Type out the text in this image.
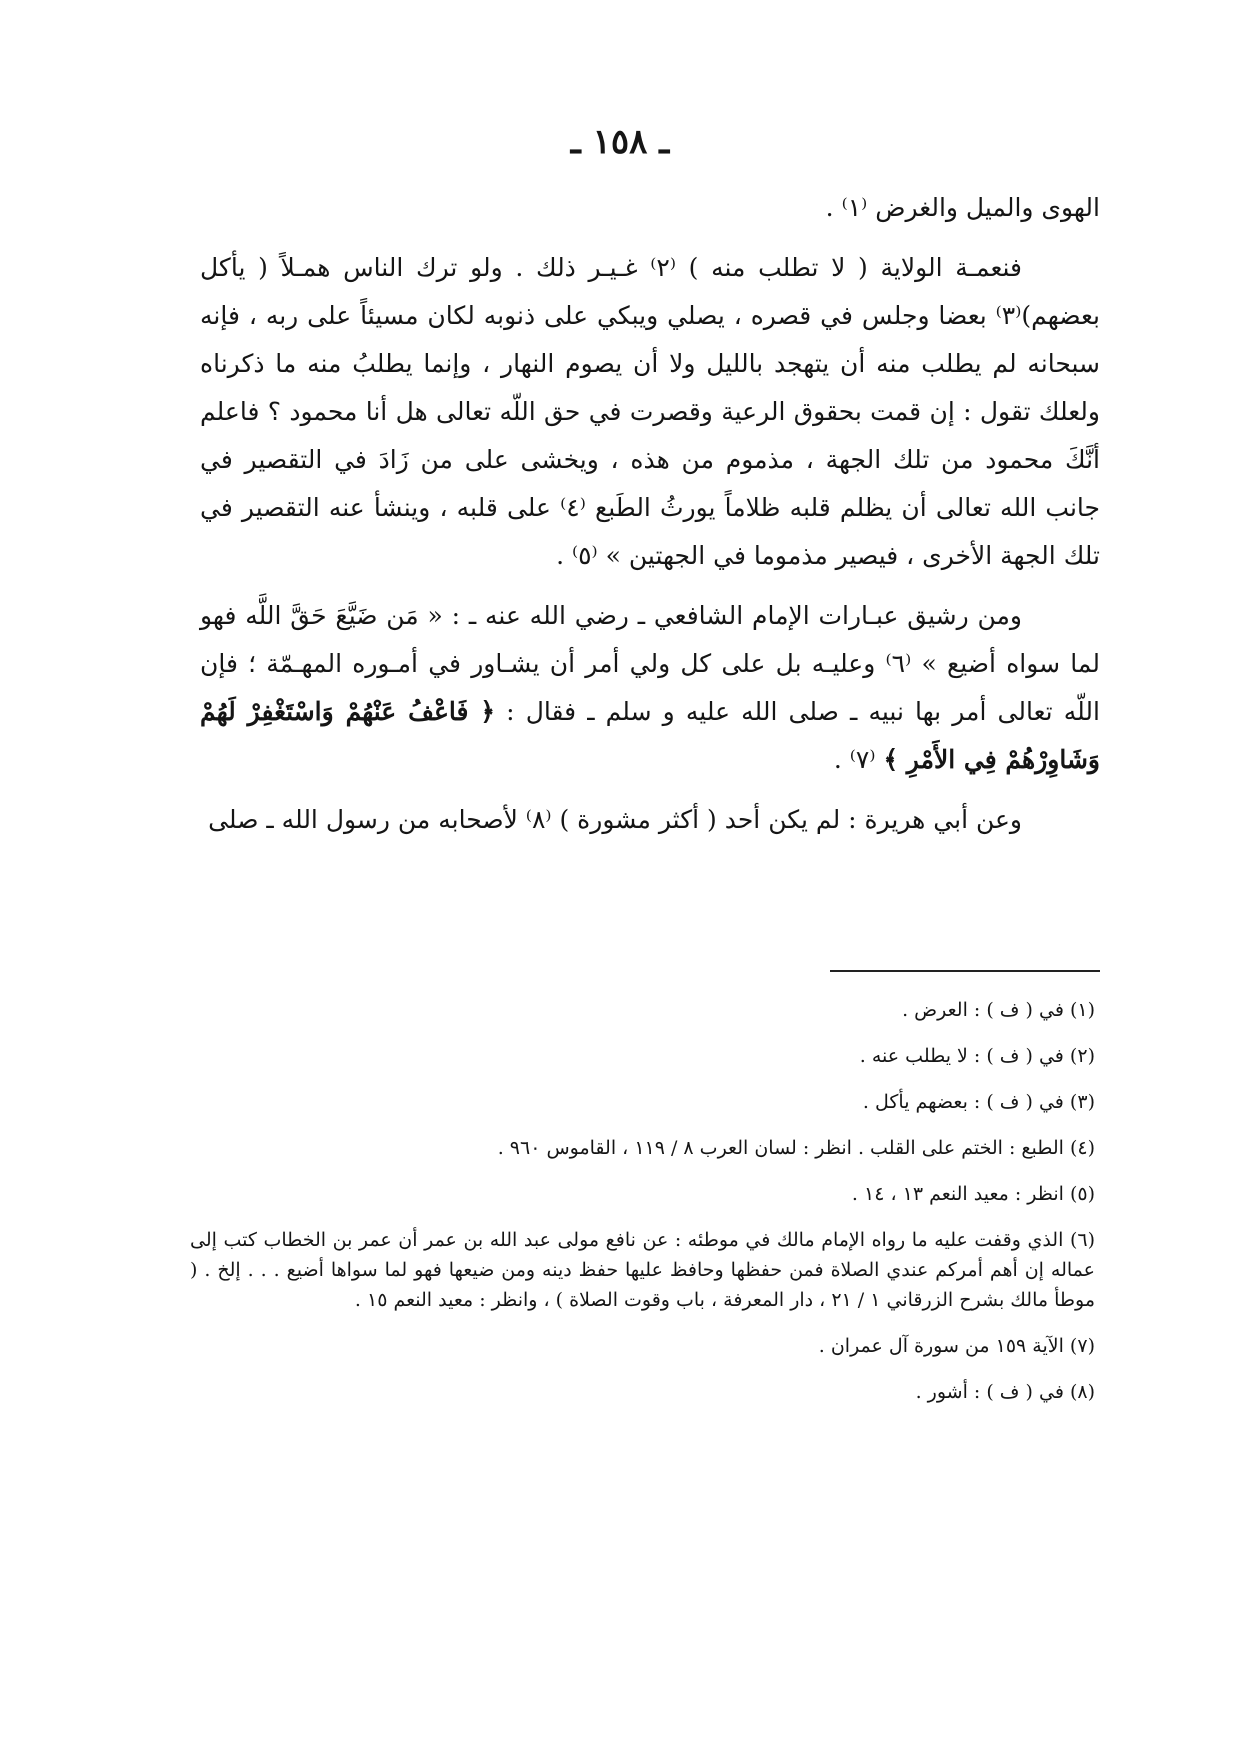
ـ ١٥٨ ـ

الهوى والميل والغرض ⁽١⁾ .

فنعمـة الولاية ( لا تطلب منه ) ⁽٢⁾ غـيـر ذلك . ولو ترك الناس همـلاً ( يأكل بعضهم)⁽٣⁾ بعضا وجلس في قصره ، يصلي ويبكي على ذنوبه لكان مسيئاً على ربه ، فإنه سبحانه لم يطلب منه أن يتهجد بالليل ولا أن يصوم النهار ، وإنما يطلبُ منه ما ذكرناه ولعلك تقول : إن قمت بحقوق الرعية وقصرت في حق اللّه تعالى هل أنا محمود ؟ فاعلم أنَّكَ محمود من تلك الجهة ، مذموم من هذه ، ويخشى على من زَادَ في التقصير في جانب الله تعالى أن يظلم قلبه ظلاماً يورثُ الطَبع ⁽٤⁾ على قلبه ، وينشأ عنه التقصير في تلك الجهة الأخرى ، فيصير مذموما في الجهتين » ⁽٥⁾ .

ومن رشيق عبـارات الإمام الشافعي ـ رضي الله عنه ـ : « مَن ضَيَّعَ حَقَّ اللَّه فهو لما سواه أضيع » ⁽٦⁾ وعليـه بل على كل ولي أمر أن يشـاور في أمـوره المهـمّة ؛ فإن اللّه تعالى أمر بها نبيه ـ صلى الله عليه و سلم ـ فقال : ﴿ فَاعْفُ عَنْهُمْ وَاسْتَغْفِرْ لَهُمْ وَشَاوِرْهُمْ فِي الأَمْرِ ﴾ ⁽٧⁾ .

وعن أبي هريرة : لم يكن أحد ( أكثر مشورة ) ⁽٨⁾ لأصحابه من رسول الله ـ صلى

(١) في ( ف ) : العرض .

(٢) في ( ف ) : لا يطلب عنه .

(٣) في ( ف ) : بعضهم يأكل .

(٤) الطبع : الختم على القلب . انظر : لسان العرب ٨ / ١١٩ ، القاموس ٩٦٠ .

(٥) انظر : معيد النعم ١٣ ، ١٤ .

(٦) الذي وقفت عليه ما رواه الإمام مالك في موطئه : عن نافع مولى عبد الله بن عمر أن عمر بن الخطاب كتب إلى عماله إن أهم أمركم عندي الصلاة فمن حفظها وحافظ عليها حفظ دينه ومن ضيعها فهو لما سواها أضيع . . . إلخ . ( موطأ مالك بشرح الزرقاني ١ / ٢١ ، دار المعرفة ، باب وقوت الصلاة ) ، وانظر : معيد النعم ١٥ .

(٧) الآية ١٥٩ من سورة آل عمران .

(٨) في ( ف ) : أشور .
